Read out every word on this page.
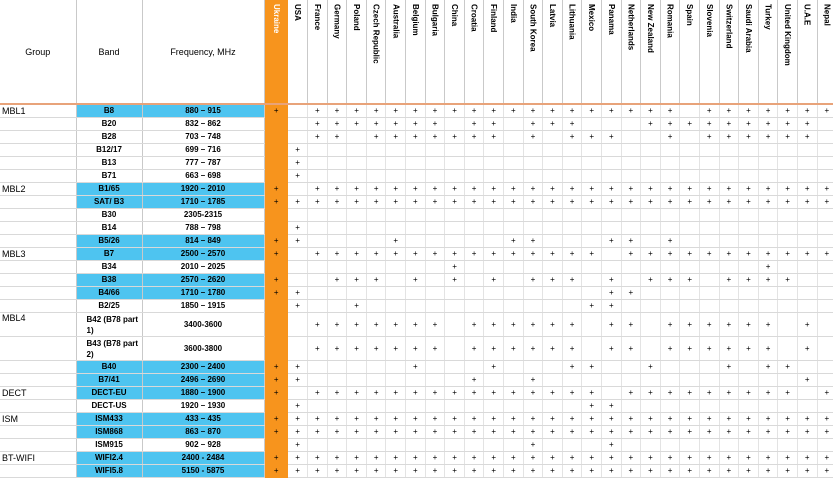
Group	Band	Frequency, MHz	Ukraine	USA	France	Germany	Poland	Czech Republic	Australia	Belgium	Bulgaria	China	Croatia	Finland	India	South Korea	Latvia	Lithuania	Mexico	Panama	Netherlands	New Zealand	Romania	Spain	Slovenia	Switzerland	Saudi Arabia	Turkey	United Kingdom	U.A.E	Nepal

MBL1	B8	880 – 915	+		+	+	+	+	+	+	+	+	+	+	+	+	+	+	+	+	+	+	+		+	+	+	+	+	+	+
	B20	832 – 862			+	+	+	+	+	+	+		+	+		+	+	+				+	+	+	+	+	+	+	+	+	
	B28	703 – 748			+	+		+	+	+	+	+	+	+		+		+	+	+			+		+	+	+	+	+	+	
	B12/17	699 – 716		+																											
	B13	777 – 787		+																											
	B71	663 – 698		+																											
MBL2	B1/65	1920 – 2010	+		+	+	+	+	+	+	+	+	+	+	+	+	+	+	+	+	+	+	+	+	+	+	+	+	+	+	+
	SAT/ B3	1710 – 1785	+	+	+	+	+	+	+	+	+	+	+	+	+	+	+	+	+	+	+	+	+	+	+	+	+	+	+	+	+
	B30	2305-2315																													
	B14	788 – 798		+																											
	B5/26	814 – 849	+	+					+						+	+				+	+		+								
MBL3	B7	2500 – 2570	+		+	+	+	+	+	+	+	+	+	+	+	+	+	+	+		+	+	+	+	+	+	+	+	+	+	+
	B34	2010 – 2025										+																+			
	B38	2570 – 2620	+			+	+	+		+		+		+		+	+	+		+		+	+	+		+	+	+	+		
	B4/66	1710 – 1780	+	+																+	+										
	B2/25	1850 – 1915		+			+												+	+											
MBL4	B42 (B78 part 1)	3400-3600			+	+	+	+	+	+	+		+	+	+	+	+	+		+	+		+	+	+	+	+	+		+	
	B43 (B78 part 2)	3600-3800			+	+	+	+	+	+	+		+	+	+	+	+	+		+	+		+	+	+	+	+	+		+	
	B40	2300 – 2400	+	+						+				+				+	+			+				+		+	+		
	B7/41	2496 – 2690	+	+									+			+														+	
DECT	DECT-EU	1880 – 1900	+		+	+	+	+	+	+	+	+	+	+	+	+	+	+	+		+	+	+	+	+	+	+	+	+		+
	DECT-US	1920 – 1930		+															+	+											
ISM	ISM433	433 – 435	+	+	+	+	+	+	+	+	+	+	+	+	+	+	+	+	+	+	+	+	+	+	+	+	+	+	+	+	+
	ISM868	863 – 870	+	+	+	+	+	+	+	+	+	+	+	+	+	+	+	+	+	+	+	+	+	+	+	+	+	+	+	+	+
	ISM915	902 – 928		+												+				+											
BT-WIFI	WIFI2.4	2400 - 2484	+	+	+	+	+	+	+	+	+	+	+	+	+	+	+	+	+	+	+	+	+	+	+	+	+	+	+	+	+
	WIFI5.8	5150 - 5875	+	+	+	+	+	+	+	+	+	+	+	+	+	+	+	+	+	+	+	+	+	+	+	+	+	+	+	+	+
